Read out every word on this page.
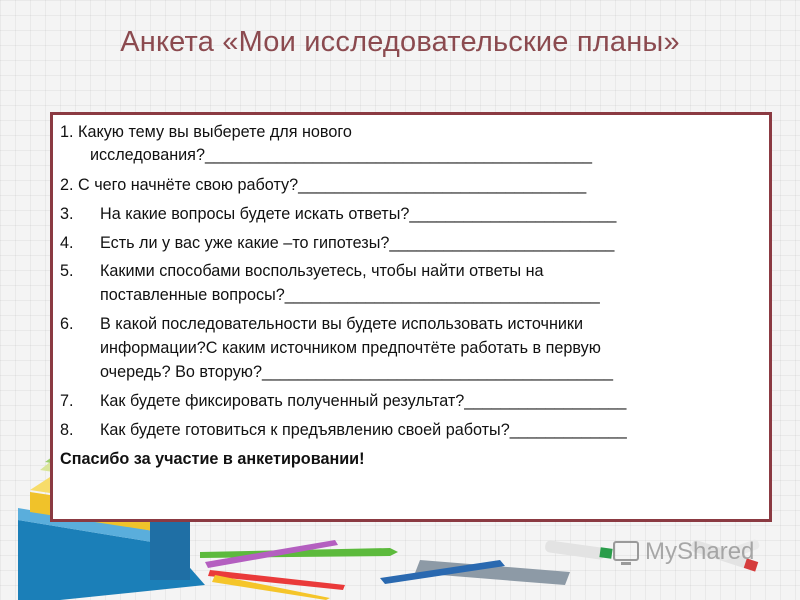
Анкета «Мои исследовательские планы»
1. Какую тему вы выберете для нового
исследования?___________________________________________
2. С чего начнёте свою работу?________________________________
3. На какие вопросы будете искать ответы?_______________________
4. Есть ли у вас уже какие –то гипотезы?_________________________
5. Какими способами воспользуетесь, чтобы найти ответы на
поставленные вопросы?___________________________________
6. В какой последовательности вы будете использовать источники
информации?С каким источником предпочтёте работать в первую
очередь? Во вторую?_______________________________________
7. Как будете фиксировать полученный результат?__________________
8. Как будете готовиться к предъявлению своей работы?_____________
Спасибо за участие в анкетировании!
MyShared
